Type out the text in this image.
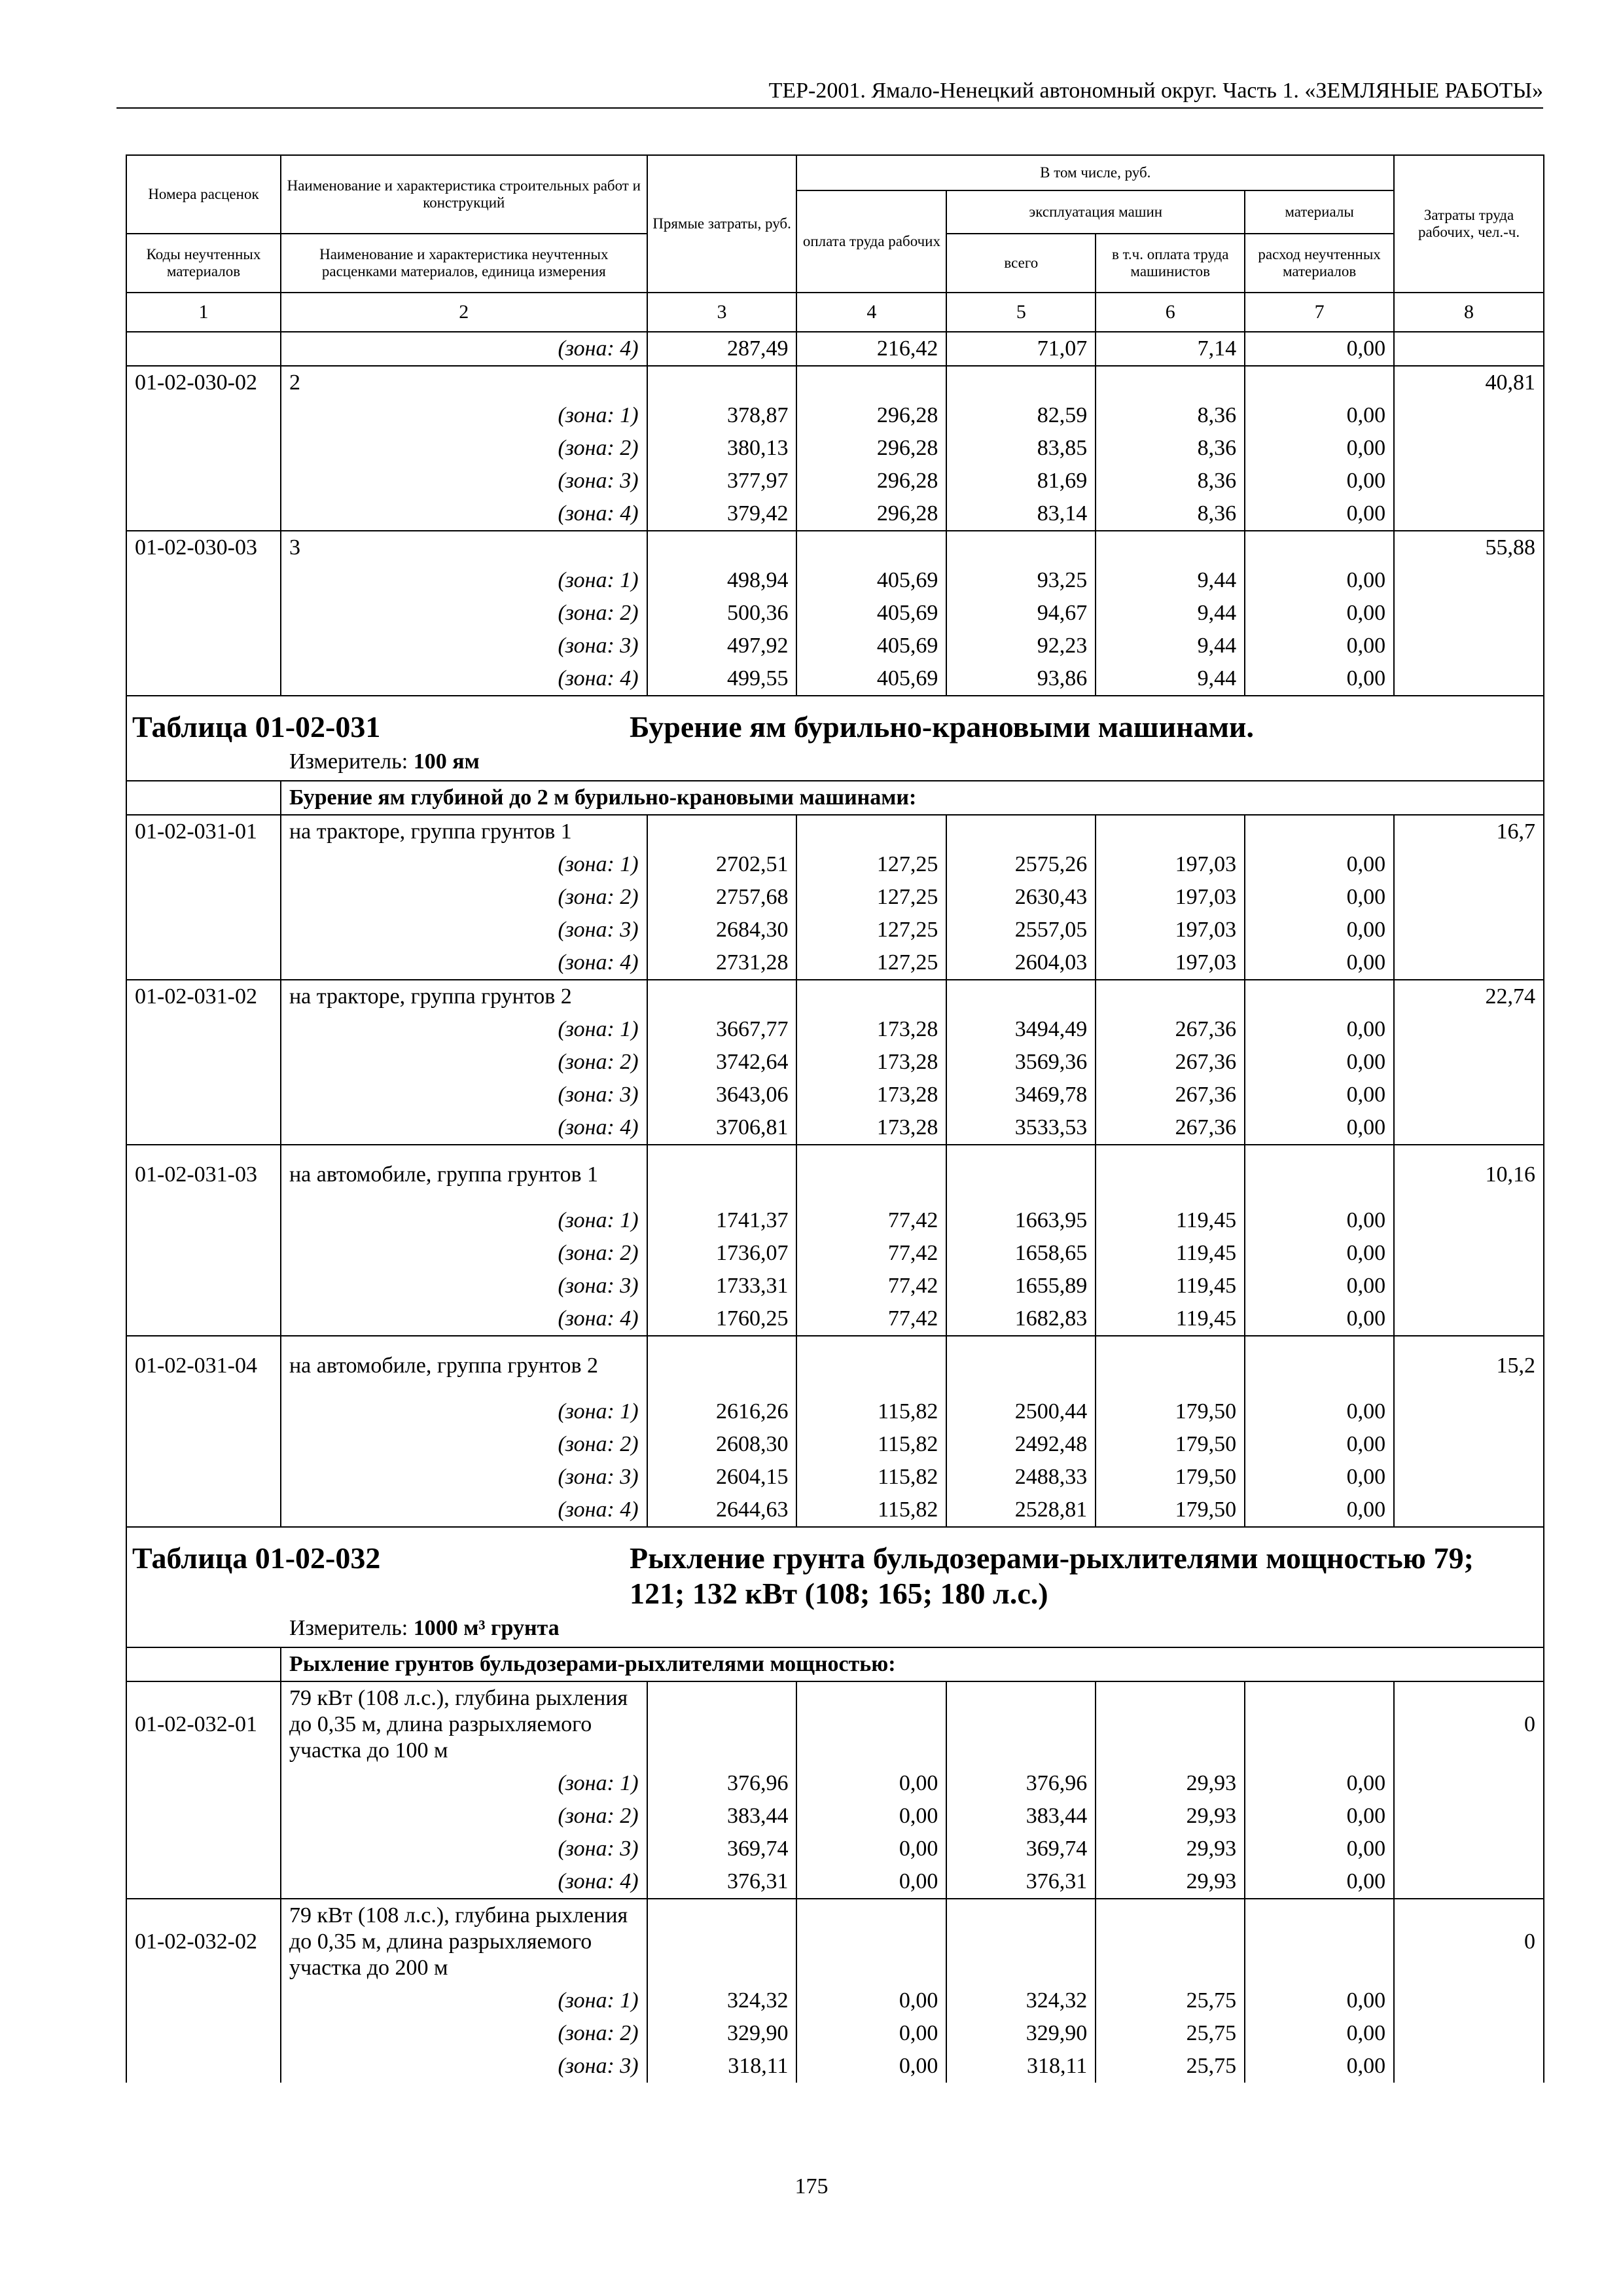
ТЕР-2001. Ямало-Ненецкий автономный округ. Часть 1. «ЗЕМЛЯНЫЕ РАБОТЫ»
Номера расценок	Наименование и характеристика строительных работ и конструкций	Прямые затраты, руб.	В том числе, руб.				Затраты труда рабочих, чел.-ч.
			оплата труда рабочих	эксплуатация машин		материалы	
Коды неучтенных материалов	Наименование и характеристика неучтенных расценками материалов, единица измерения			всего	в т.ч. оплата труда машинистов	расход неучтенных материалов	
1	2	3	4	5	6	7	8
	(зона: 4)	287,49	216,42	71,07	7,14	0,00	
01-02-030-02	2						40,81
	(зона: 1)	378,87	296,28	82,59	8,36	0,00	
	(зона: 2)	380,13	296,28	83,85	8,36	0,00	
	(зона: 3)	377,97	296,28	81,69	8,36	0,00	
	(зона: 4)	379,42	296,28	83,14	8,36	0,00	
01-02-030-03	3						55,88
	(зона: 1)	498,94	405,69	93,25	9,44	0,00	
	(зона: 2)	500,36	405,69	94,67	9,44	0,00	
	(зона: 3)	497,92	405,69	92,23	9,44	0,00	
	(зона: 4)	499,55	405,69	93,86	9,44	0,00	

Таблица 01-02-031 Бурение ям бурильно-крановыми машинами.
Измеритель: 100 ям							

	Бурение ям глубиной до 2 м бурильно-крановыми машинами:						
01-02-031-01	на тракторе, группа грунтов 1						16,7
	(зона: 1)	2702,51	127,25	2575,26	197,03	0,00	
	(зона: 2)	2757,68	127,25	2630,43	197,03	0,00	
	(зона: 3)	2684,30	127,25	2557,05	197,03	0,00	
	(зона: 4)	2731,28	127,25	2604,03	197,03	0,00	
01-02-031-02	на тракторе, группа грунтов 2						22,74
	(зона: 1)	3667,77	173,28	3494,49	267,36	0,00	
	(зона: 2)	3742,64	173,28	3569,36	267,36	0,00	
	(зона: 3)	3643,06	173,28	3469,78	267,36	0,00	
	(зона: 4)	3706,81	173,28	3533,53	267,36	0,00	
01-02-031-03	на автомобиле, группа грунтов 1						10,16
	(зона: 1)	1741,37	77,42	1663,95	119,45	0,00	
	(зона: 2)	1736,07	77,42	1658,65	119,45	0,00	
	(зона: 3)	1733,31	77,42	1655,89	119,45	0,00	
	(зона: 4)	1760,25	77,42	1682,83	119,45	0,00	
01-02-031-04	на автомобиле, группа грунтов 2						15,2
	(зона: 1)	2616,26	115,82	2500,44	179,50	0,00	
	(зона: 2)	2608,30	115,82	2492,48	179,50	0,00	
	(зона: 3)	2604,15	115,82	2488,33	179,50	0,00	
	(зона: 4)	2644,63	115,82	2528,81	179,50	0,00	

Таблица 01-02-032 Рыхление грунта бульдозерами-рыхлителями мощностью 79; 121; 132 кВт (108; 165; 180 л.с.)
Измеритель: 1000 м³ грунта							

	Рыхление грунтов бульдозерами-рыхлителями мощностью:						
01-02-032-01	79 кВт (108 л.с.), глубина рыхления до 0,35 м, длина разрыхляемого участка до 100 м						0
	(зона: 1)	376,96	0,00	376,96	29,93	0,00	
	(зона: 2)	383,44	0,00	383,44	29,93	0,00	
	(зона: 3)	369,74	0,00	369,74	29,93	0,00	
	(зона: 4)	376,31	0,00	376,31	29,93	0,00	
01-02-032-02	79 кВт (108 л.с.), глубина рыхления до 0,35 м, длина разрыхляемого участка до 200 м						0
	(зона: 1)	324,32	0,00	324,32	25,75	0,00	
	(зона: 2)	329,90	0,00	329,90	25,75	0,00	
	(зона: 3)	318,11	0,00	318,11	25,75	0,00	
175
